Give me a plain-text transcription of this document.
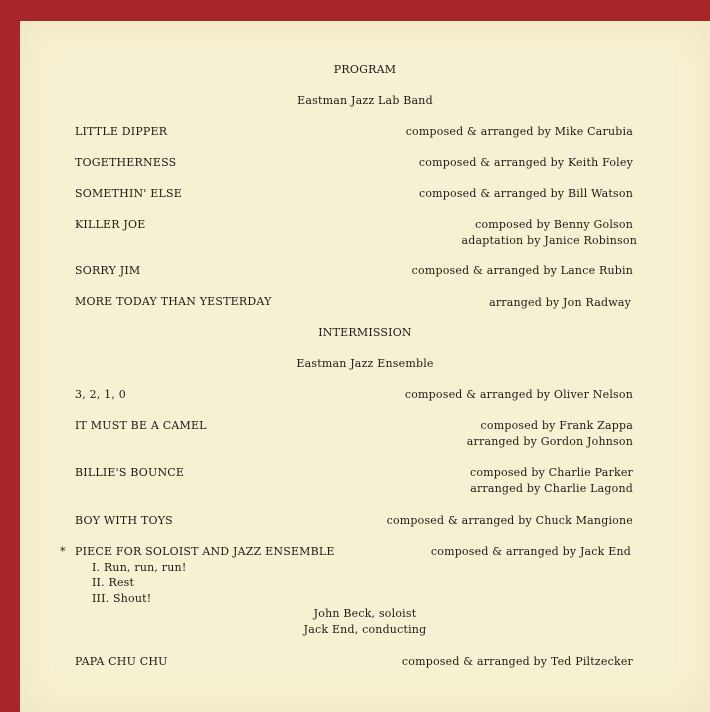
PROGRAM
Eastman Jazz Lab Band
LITTLE DIPPER	composed & arranged by Mike Carubia
TOGETHERNESS	composed & arranged by Keith Foley
SOMETHIN' ELSE	composed & arranged by Bill Watson
KILLER JOE	composed by Benny Golson
adaptation by Janice Robinson
SORRY JIM	composed & arranged by Lance Rubin
MORE TODAY THAN YESTERDAY	arranged by Jon Radway
INTERMISSION
Eastman Jazz Ensemble
3, 2, 1, 0	composed & arranged by Oliver Nelson
IT MUST BE A CAMEL	composed by Frank Zappa
arranged by Gordon Johnson
BILLIE'S BOUNCE	composed by Charlie Parker
arranged by Charlie Lagond
BOY WITH TOYS	composed & arranged by Chuck Mangione
* PIECE FOR SOLOIST AND JAZZ ENSEMBLE	composed & arranged by Jack End
I. Run, run, run!
II. Rest
III. Shout!
John Beck, soloist
Jack End, conducting
PAPA CHU CHU	composed & arranged by Ted Piltzecker
